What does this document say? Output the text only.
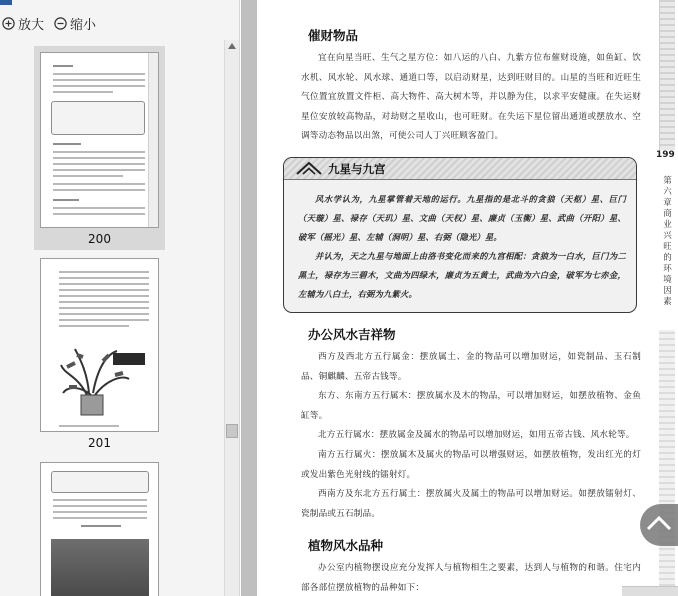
放大 缩小
200
201
催财物品

宜在向星当旺、生气之星方位：如八运的八白、九紫方位布催财设施，如鱼缸、饮水机、风水轮、风水球、通道口等，以启动财星，达到旺财目的。山星的当旺和近旺生气位置宜放置文件柜、高大物件、高大树木等，并以静为住，以求平安健康。在失运财星位安放较高物品，对劫财之星收山，也可旺财。在失运下星位留出通道或摆放水、空调等动态物品以出煞，可使公司人丁兴旺顾客盈门。

九星与九宫

风水学认为，九星掌管着天地的运行。九星指的是北斗的贪狼（天枢）星、巨门（天璇）星、禄存（天玑）星、文曲（天权）星、廉贞（玉衡）星、武曲（开阳）星、破军（摇光）星、左辅（洞明）星、右弼（隐光）星。

并认为，天之九星与地面上由洛书变化而来的九宫相配：贪狼为一白水，巨门为二黑土，禄存为三碧木，文曲为四绿木，廉贞为五黄土，武曲为六白金，破军为七赤金，左辅为八白土，右弼为九紫火。

办公风水吉祥物

西方及西北方五行属金：摆放属土、金的物品可以增加财运，如瓷制品、玉石制品、铜麒麟、五帝古钱等。

东方、东南方五行属木：摆放属水及木的物品，可以增加财运，如摆放植物、金鱼缸等。

北方五行属水：摆放属金及属水的物品可以增加财运，如用五帝古钱、风水轮等。

南方五行属火：摆放属木及属火的物品可以增强财运，如摆放植物，发出红光的灯或发出紫色光射线的镭射灯。

西南方及东北方五行属土：摆放属火及属土的物品可以增加财运。如摆放镭射灯、瓷制品或五石制品。

植物风水品种

办公室内植物摆设应充分发挥人与植物相生之要素，达到人与植物的和谐。住宅内部各部位摆放植物的品种如下：

199
第六章 商业兴旺的环境因素
